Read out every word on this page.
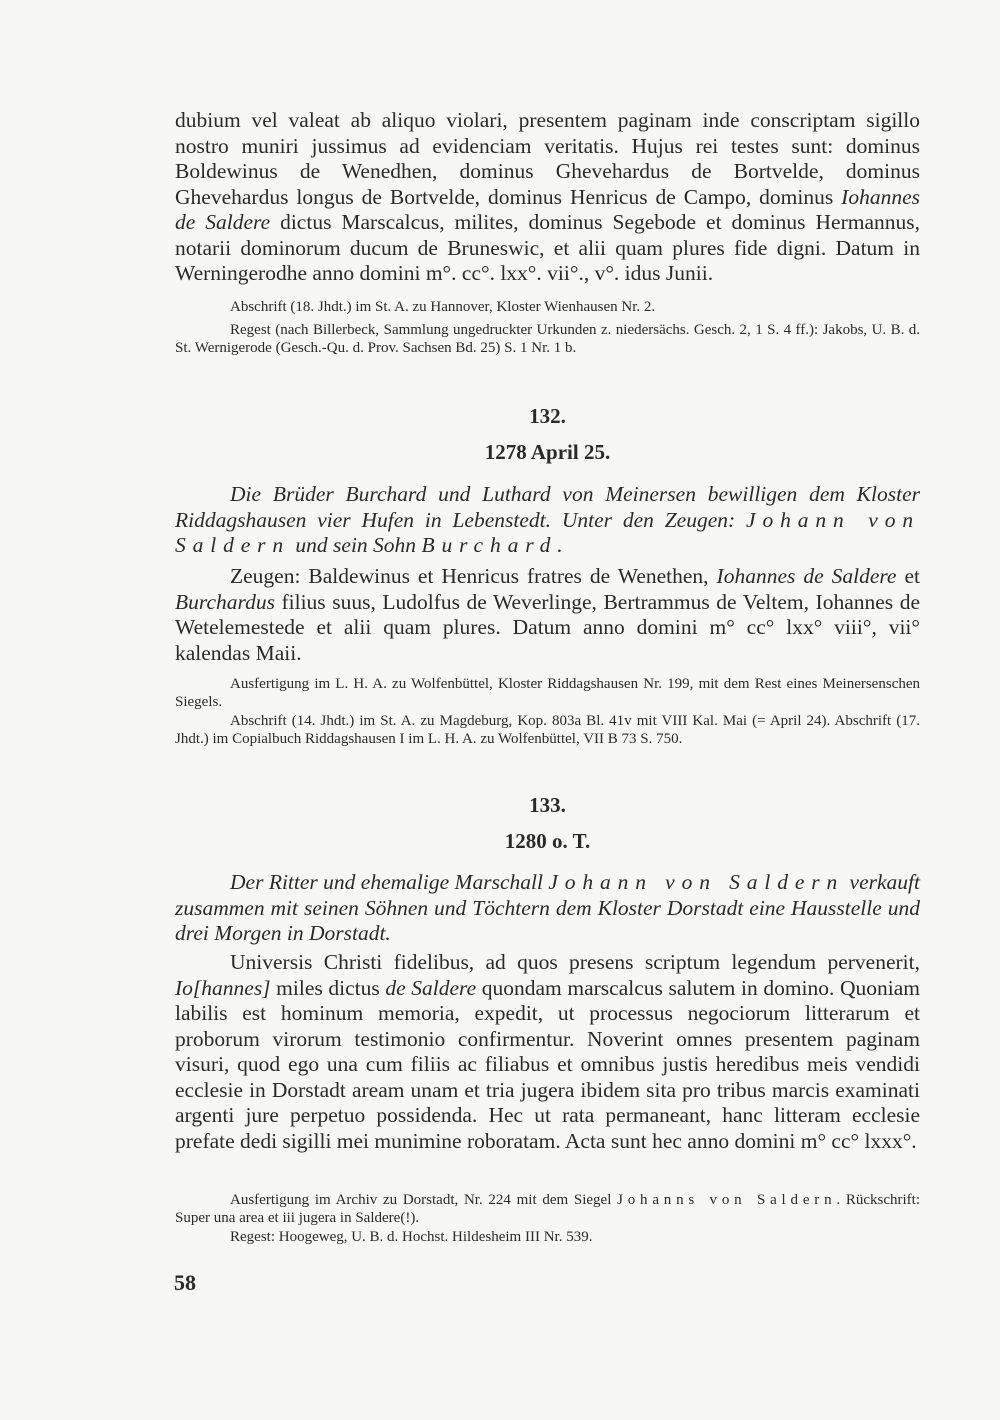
dubium vel valeat ab aliquo violari, presentem paginam inde conscriptam sigillo nostro muniri jussimus ad evidenciam veritatis. Hujus rei testes sunt: dominus Boldewinus de Wenedhen, dominus Ghevehardus de Bortvelde, dominus Ghevehardus longus de Bortvelde, dominus Henricus de Campo, dominus Iohannes de Saldere dictus Marscalcus, milites, dominus Segebode et dominus Hermannus, notarii dominorum ducum de Bruneswic, et alii quam plures fide digni. Datum in Werningerodhe anno domini m°. cc°. lxx°. vii°., v°. idus Junii.

Abschrift (18. Jhdt.) im St. A. zu Hannover, Kloster Wienhausen Nr. 2.

Regest (nach Billerbeck, Sammlung ungedruckter Urkunden z. niedersächs. Gesch. 2, 1 S. 4 ff.): Jakobs, U. B. d. St. Wernigerode (Gesch.-Qu. d. Prov. Sachsen Bd. 25) S. 1 Nr. 1 b.

132.

1278 April 25.

Die Brüder Burchard und Luthard von Meinersen bewilligen dem Kloster Riddagshausen vier Hufen in Lebenstedt. Unter den Zeugen: Johann von Saldern und sein Sohn Burchard.

Zeugen: Baldewinus et Henricus fratres de Wenethen, Iohannes de Saldere et Burchardus filius suus, Ludolfus de Weverlinge, Bertrammus de Veltem, Iohannes de Wetelemestede et alii quam plures. Datum anno domini m° cc° lxx° viii°, vii° kalendas Maii.

Ausfertigung im L. H. A. zu Wolfenbüttel, Kloster Riddagshausen Nr. 199, mit dem Rest eines Meinersenschen Siegels.

Abschrift (14. Jhdt.) im St. A. zu Magdeburg, Kop. 803a Bl. 41v mit VIII Kal. Mai (= April 24). Abschrift (17. Jhdt.) im Copialbuch Riddagshausen I im L. H. A. zu Wolfenbüttel, VII B 73 S. 750.

133.

1280 o. T.

Der Ritter und ehemalige Marschall Johann von Saldern verkauft zusammen mit seinen Söhnen und Töchtern dem Kloster Dorstadt eine Hausstelle und drei Morgen in Dorstadt.

Universis Christi fidelibus, ad quos presens scriptum legendum pervenerit, Io[hannes] miles dictus de Saldere quondam marscalcus salutem in domino. Quoniam labilis est hominum memoria, expedit, ut processus negociorum litterarum et proborum virorum testimonio confirmentur. Noverint omnes presentem paginam visuri, quod ego una cum filiis ac filiabus et omnibus justis heredibus meis vendidi ecclesie in Dorstadt aream unam et tria jugera ibidem sita pro tribus marcis examinati argenti jure perpetuo possidenda. Hec ut rata permaneant, hanc litteram ecclesie prefate dedi sigilli mei munimine roboratam. Acta sunt hec anno domini m° cc° lxxx°.

Ausfertigung im Archiv zu Dorstadt, Nr. 224 mit dem Siegel Johanns von Saldern. Rückschrift: Super una area et iii jugera in Saldere(!).

Regest: Hoogeweg, U. B. d. Hochst. Hildesheim III Nr. 539.

58
